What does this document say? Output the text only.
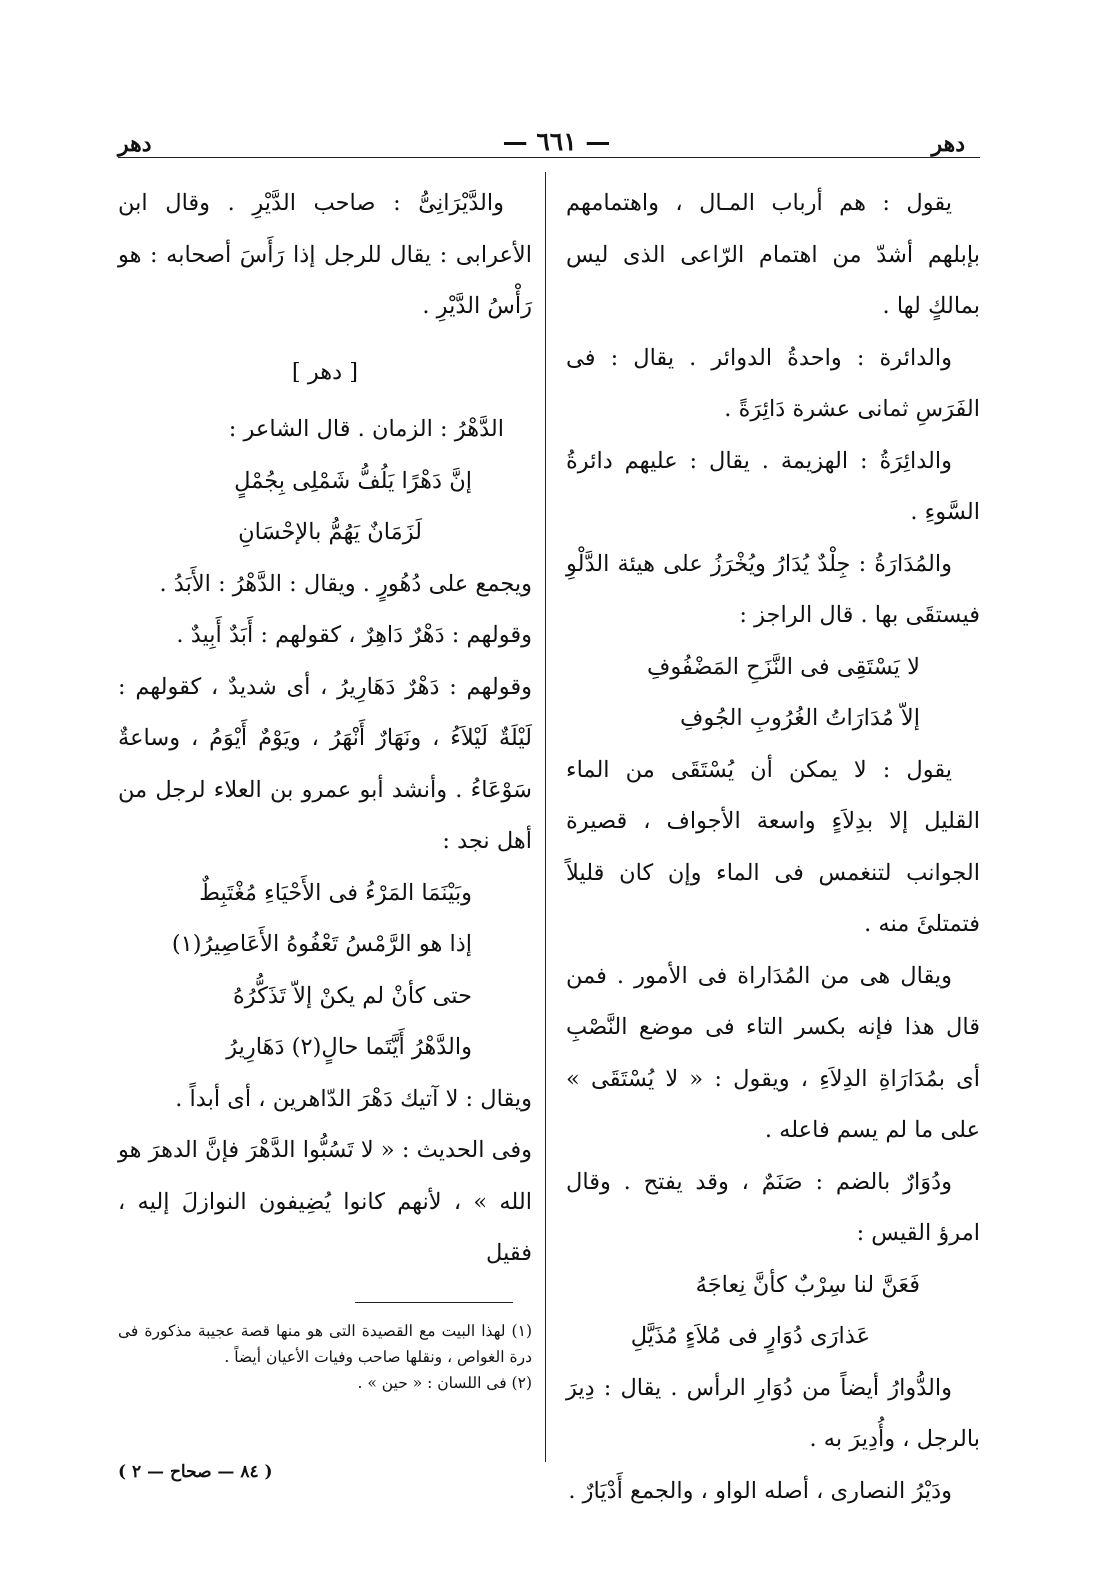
دهر
— ٦٦١ —
دهر

يقول : هم أرباب المـال ، واهتمامهم بإبلهم أشدّ من اهتمام الرّاعى الذى ليس بمالكٍ لها .

والدائرة : واحدةُ الدوائر . يقال : فى الفَرَسِ ثمانى عشرة دَائِرَةً .

والدائِرَةُ : الهزيمة . يقال : عليهم دائرةُ السَّوءِ .

والمُدَارَةُ : جِلْدٌ يُدَارُ ويُخْرَزُ على هيئة الدَّلْوِ فيستقَى بها . قال الراجز :

لا يَسْتَقِى فى النَّزَحِ المَضْفُوفِ

إلاّ مُدَارَاتُ الغُرُوبِ الجُوفِ

يقول : لا يمكن أن يُسْتَقَى من الماء القليل إلا بدِلاَءٍ واسعة الأجواف ، قصيرة الجوانب لتنغمس فى الماء وإن كان قليلاً فتمتلئَ منه .

ويقال هى من المُدَاراة فى الأمور . فمن قال هذا فإنه بكسر التاء فى موضع النَّصْبِ أى بمُدَارَاةِ الدِلاَءِ ، ويقول : « لا يُسْتَقَى » على ما لم يسم فاعله .

ودُوَارٌ بالضم : صَنَمٌ ، وقد يفتح . وقال امرؤ القيس :

فَعَنَّ لنا سِرْبٌ كأنَّ نِعاجَهُ

عَذارَى دُوَارٍ فى مُلاَءٍ مُذَيَّلِ

والدُّوارُ أيضاً من دُوَارِ الرأس . يقال : دِيرَ بالرجل ، وأُدِيرَ به .

ودَيْرُ النصارى ، أصله الواو ، والجمع أَدْيَارٌ .

والدَّيْرَانِىُّ : صاحب الدَّيْرِ . وقال ابن الأعرابى : يقال للرجل إذا رَأَسَ أصحابه : هو رَأْسُ الدَّيْرِ .

[ دهر ]

الدَّهْرُ : الزمان . قال الشاعر :

إنَّ دَهْرًا يَلُفُّ شَمْلِى بِجُمْلٍ

لَزَمَانٌ يَهُمُّ بالإحْسَانِ

ويجمع على دُهُورٍ . ويقال : الدَّهْرُ : الأَبَدُ .

وقولهم : دَهْرٌ دَاهِرٌ ، كقولهم : أَبَدٌ أَبِيدٌ .

وقولهم : دَهْرٌ دَهَارِيرُ ، أى شديدٌ ، كقولهم : لَيْلَةٌ لَيْلاَءُ ، ونَهَارٌ أَنْهَرُ ، ويَوْمٌ أَيْوَمُ ، وساعةٌ سَوْعَاءُ . وأنشد أبو عمرو بن العلاء لرجل من أهل نجد :

وبَيْنَمَا المَرْءُ فى الأَحْيَاءِ مُغْتَبِطٌ

إذا هو الرَّمْسُ تَعْفُوهُ الأَعَاصِيرُ(١)

حتى كأنْ لم يكنْ إلاّ تَذَكُّرُهُ

والدَّهْرُ أَيَّتَما حالٍ(٢) دَهَارِيرُ

ويقال : لا آتيك دَهْرَ الدّاهرين ، أى أبداً .

وفى الحديث : « لا تَسُبُّوا الدَّهْرَ فإنَّ الدهرَ هو الله » ، لأنهم كانوا يُضِيفون النوازلَ إليه ، فقيل

(١) لهذا البيت مع القصيدة التى هو منها قصة عجيبة مذكورة فى درة الغواص ، ونقلها صاحب وفيات الأعيان أيضاً .

(٢) فى اللسان : « حين » .

( ٨٤ — صحاح — ٢ )
